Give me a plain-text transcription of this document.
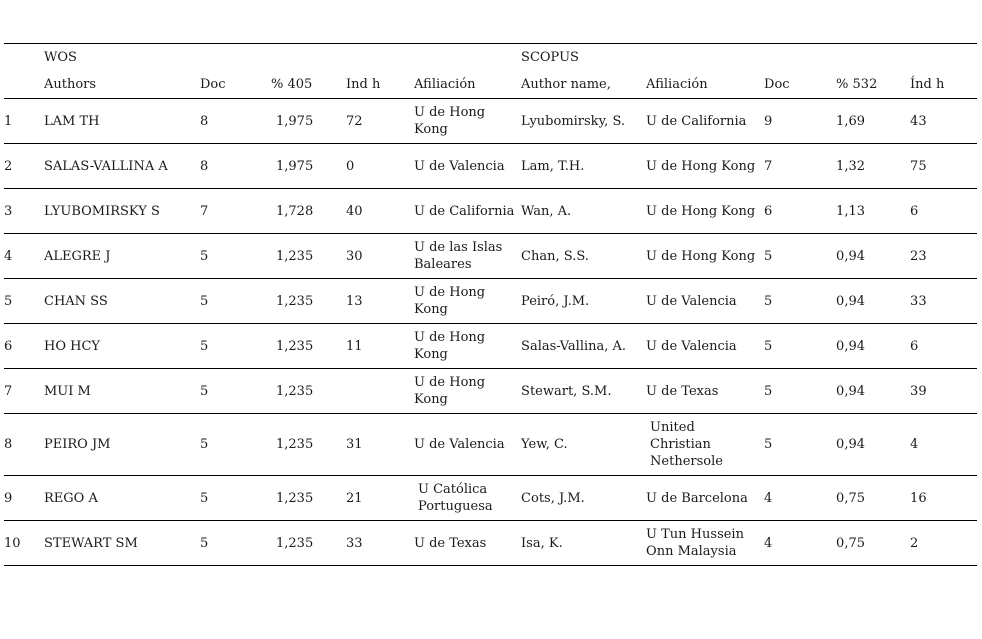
	WOS					SCOPUS				
	Authors	Doc	% 405	Ind h	Afiliación	Author name,	Afiliación	Doc	% 532	Índ h
1	LAM TH	8	1,975	72	U de Hong Kong	Lyubomirsky, S.	U de California	9	1,69	43
2	SALAS-VALLINA A	8	1,975	0	U de Valencia	Lam, T.H.	U de Hong Kong	7	1,32	75
3	LYUBOMIRSKY S	7	1,728	40	U de California	Wan, A.	U de Hong Kong	6	1,13	6
4	ALEGRE J	5	1,235	30	U de las Islas Baleares	Chan, S.S.	U de Hong Kong	5	0,94	23
5	CHAN SS	5	1,235	13	U de Hong Kong	Peiró, J.M.	U de Valencia	5	0,94	33
6	HO HCY	5	1,235	11	U de Hong Kong	Salas-Vallina, A.	U de Valencia	5	0,94	6
7	MUI M	5	1,235		U de Hong Kong	Stewart, S.M.	U de Texas	5	0,94	39
8	PEIRO JM	5	1,235	31	U de Valencia	Yew, C.	United Christian Nethersole	5	0,94	4
9	REGO A	5	1,235	21	U Católica Portuguesa	Cots, J.M.	U de Barcelona	4	0,75	16
10	STEWART SM	5	1,235	33	U de Texas	Isa, K.	U Tun Hussein Onn Malaysia	4	0,75	2
